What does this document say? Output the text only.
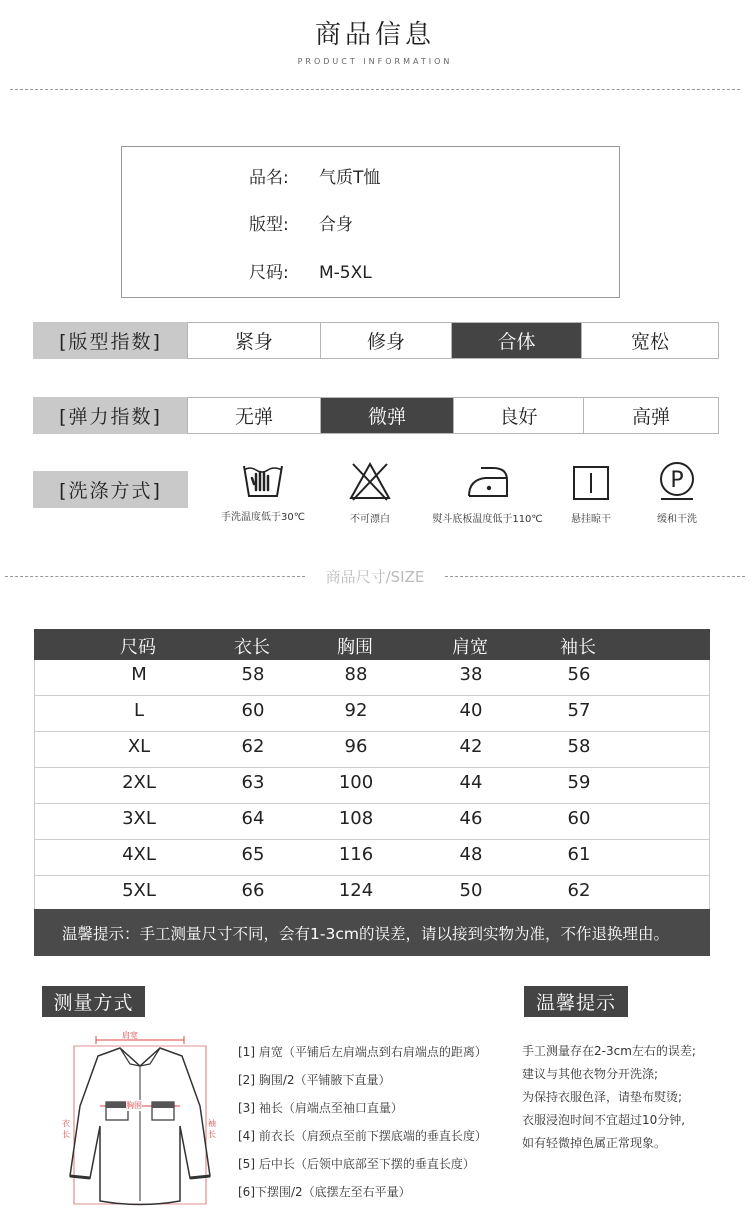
商品信息
PRODUCT INFORMATION
品名: 气质T恤
版型: 合身
尺码: M-5XL
[版型指数]	紧身	修身	合体	宽松
[弹力指数]	无弹	微弹	良好	高弹
[洗涤方式]
手洗温度低于30℃	不可漂白	熨斗底板温度低于110℃	悬挂晾干
P
缓和干洗
商品尺寸/SIZE
尺码	衣长	胸围	肩宽	袖长
M	58	88	38	56
L	60	92	40	57
XL	62	96	42	58
2XL	63	100	44	59
3XL	64	108	46	60
4XL	65	116	48	61
5XL	66	124	50	62
温馨提示：手工测量尺寸不同，会有1-3cm的误差，请以接到实物为准，不作退换理由。
测量方式
肩宽
胸围
衣长
袖长
[1] 肩宽（平铺后左肩端点到右肩端点的距离）
[2] 胸围/2（平铺腋下直量）
[3] 袖长（肩端点至袖口直量）
[4] 前衣长（肩颈点至前下摆底端的垂直长度）
[5] 后中长（后领中底部至下摆的垂直长度）
[6]下摆围/2（底摆左至右平量）
温馨提示
手工测量存在2-3cm左右的误差;
建议与其他衣物分开洗涤;
为保持衣服色泽，请垫布熨烫;
衣服浸泡时间不宜超过10分钟,
如有轻微掉色属正常现象。
